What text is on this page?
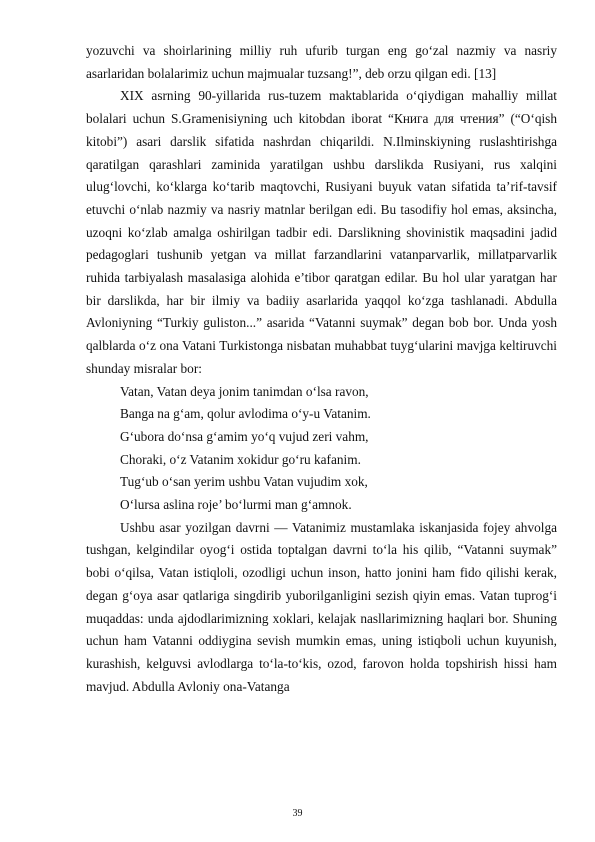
yozuvchi va shoirlarining milliy ruh ufurib turgan eng go‘zal nazmiy va nasriy asarlaridan bolalarimiz uchun majmualar tuzsang!”, deb orzu qilgan edi. [13]

XIX asrning 90-yillarida rus-tuzem maktablarida o‘qiydigan mahalliy millat bolalari uchun S.Gramenisiyning uch kitobdan iborat “Книга для чтения” (“O‘qish kitobi”) asari darslik sifatida nashrdan chiqarildi. N.Ilminskiyning ruslashtirishga qaratilgan qarashlari zaminida yaratilgan ushbu darslikda Rusiyani, rus xalqini ulug‘lovchi, ko‘klarga ko‘tarib maqtovchi, Rusiyani buyuk vatan sifatida ta’rif-tavsif etuvchi o‘nlab nazmiy va nasriy matnlar berilgan edi. Bu tasodifiy hol emas, aksincha, uzoqni ko‘zlab amalga oshirilgan tadbir edi. Darslikning shovinistik maqsadini jadid pedagoglari tushunib yetgan va millat farzandlarini vatanparvarlik, millatparvarlik ruhida tarbiyalash masalasiga alohida e’tibor qaratgan edilar. Bu hol ular yaratgan har bir darslikda, har bir ilmiy va badiiy asarlarida yaqqol ko‘zga tashlanadi. Abdulla Avloniyning “Turkiy guliston...” asarida “Vatanni suymak” degan bob bor. Unda yosh qalblarda o‘z ona Vatani Turkistonga nisbatan muhabbat tuyg‘ularini mavjga keltiruvchi shunday misralar bor:

Vatan, Vatan deya jonim tanimdan o‘lsa ravon,

Banga na g‘am, qolur avlodima o‘y-u Vatanim.

G‘ubora do‘nsa g‘amim yo‘q vujud zeri vahm,

Choraki, o‘z Vatanim xokidur go‘ru kafanim.

Tug‘ub o‘san yerim ushbu Vatan vujudim xok,

O‘lursa aslina roje’ bo‘lurmi man g‘amnok.

Ushbu asar yozilgan davrni — Vatanimiz mustamlaka iskanjasida fojey ahvolga tushgan, kelgindilar oyog‘i ostida toptalgan davrni to‘la his qilib, “Vatanni suymak” bobi o‘qilsa, Vatan istiqloli, ozodligi uchun inson, hatto jonini ham fido qilishi kerak, degan g‘oya asar qatlariga singdirib yuborilganligini sezish qiyin emas. Vatan tuprog‘i muqaddas: unda ajdodlarimizning xoklari, kelajak nasllarimizning haqlari bor. Shuning uchun ham Vatanni oddiygina sevish mumkin emas, uning istiqboli uchun kuyunish, kurashish, kelguvsi avlodlarga to‘la-to‘kis, ozod, farovon holda topshirish hissi ham mavjud. Abdulla Avloniy ona-Vatanga

39
